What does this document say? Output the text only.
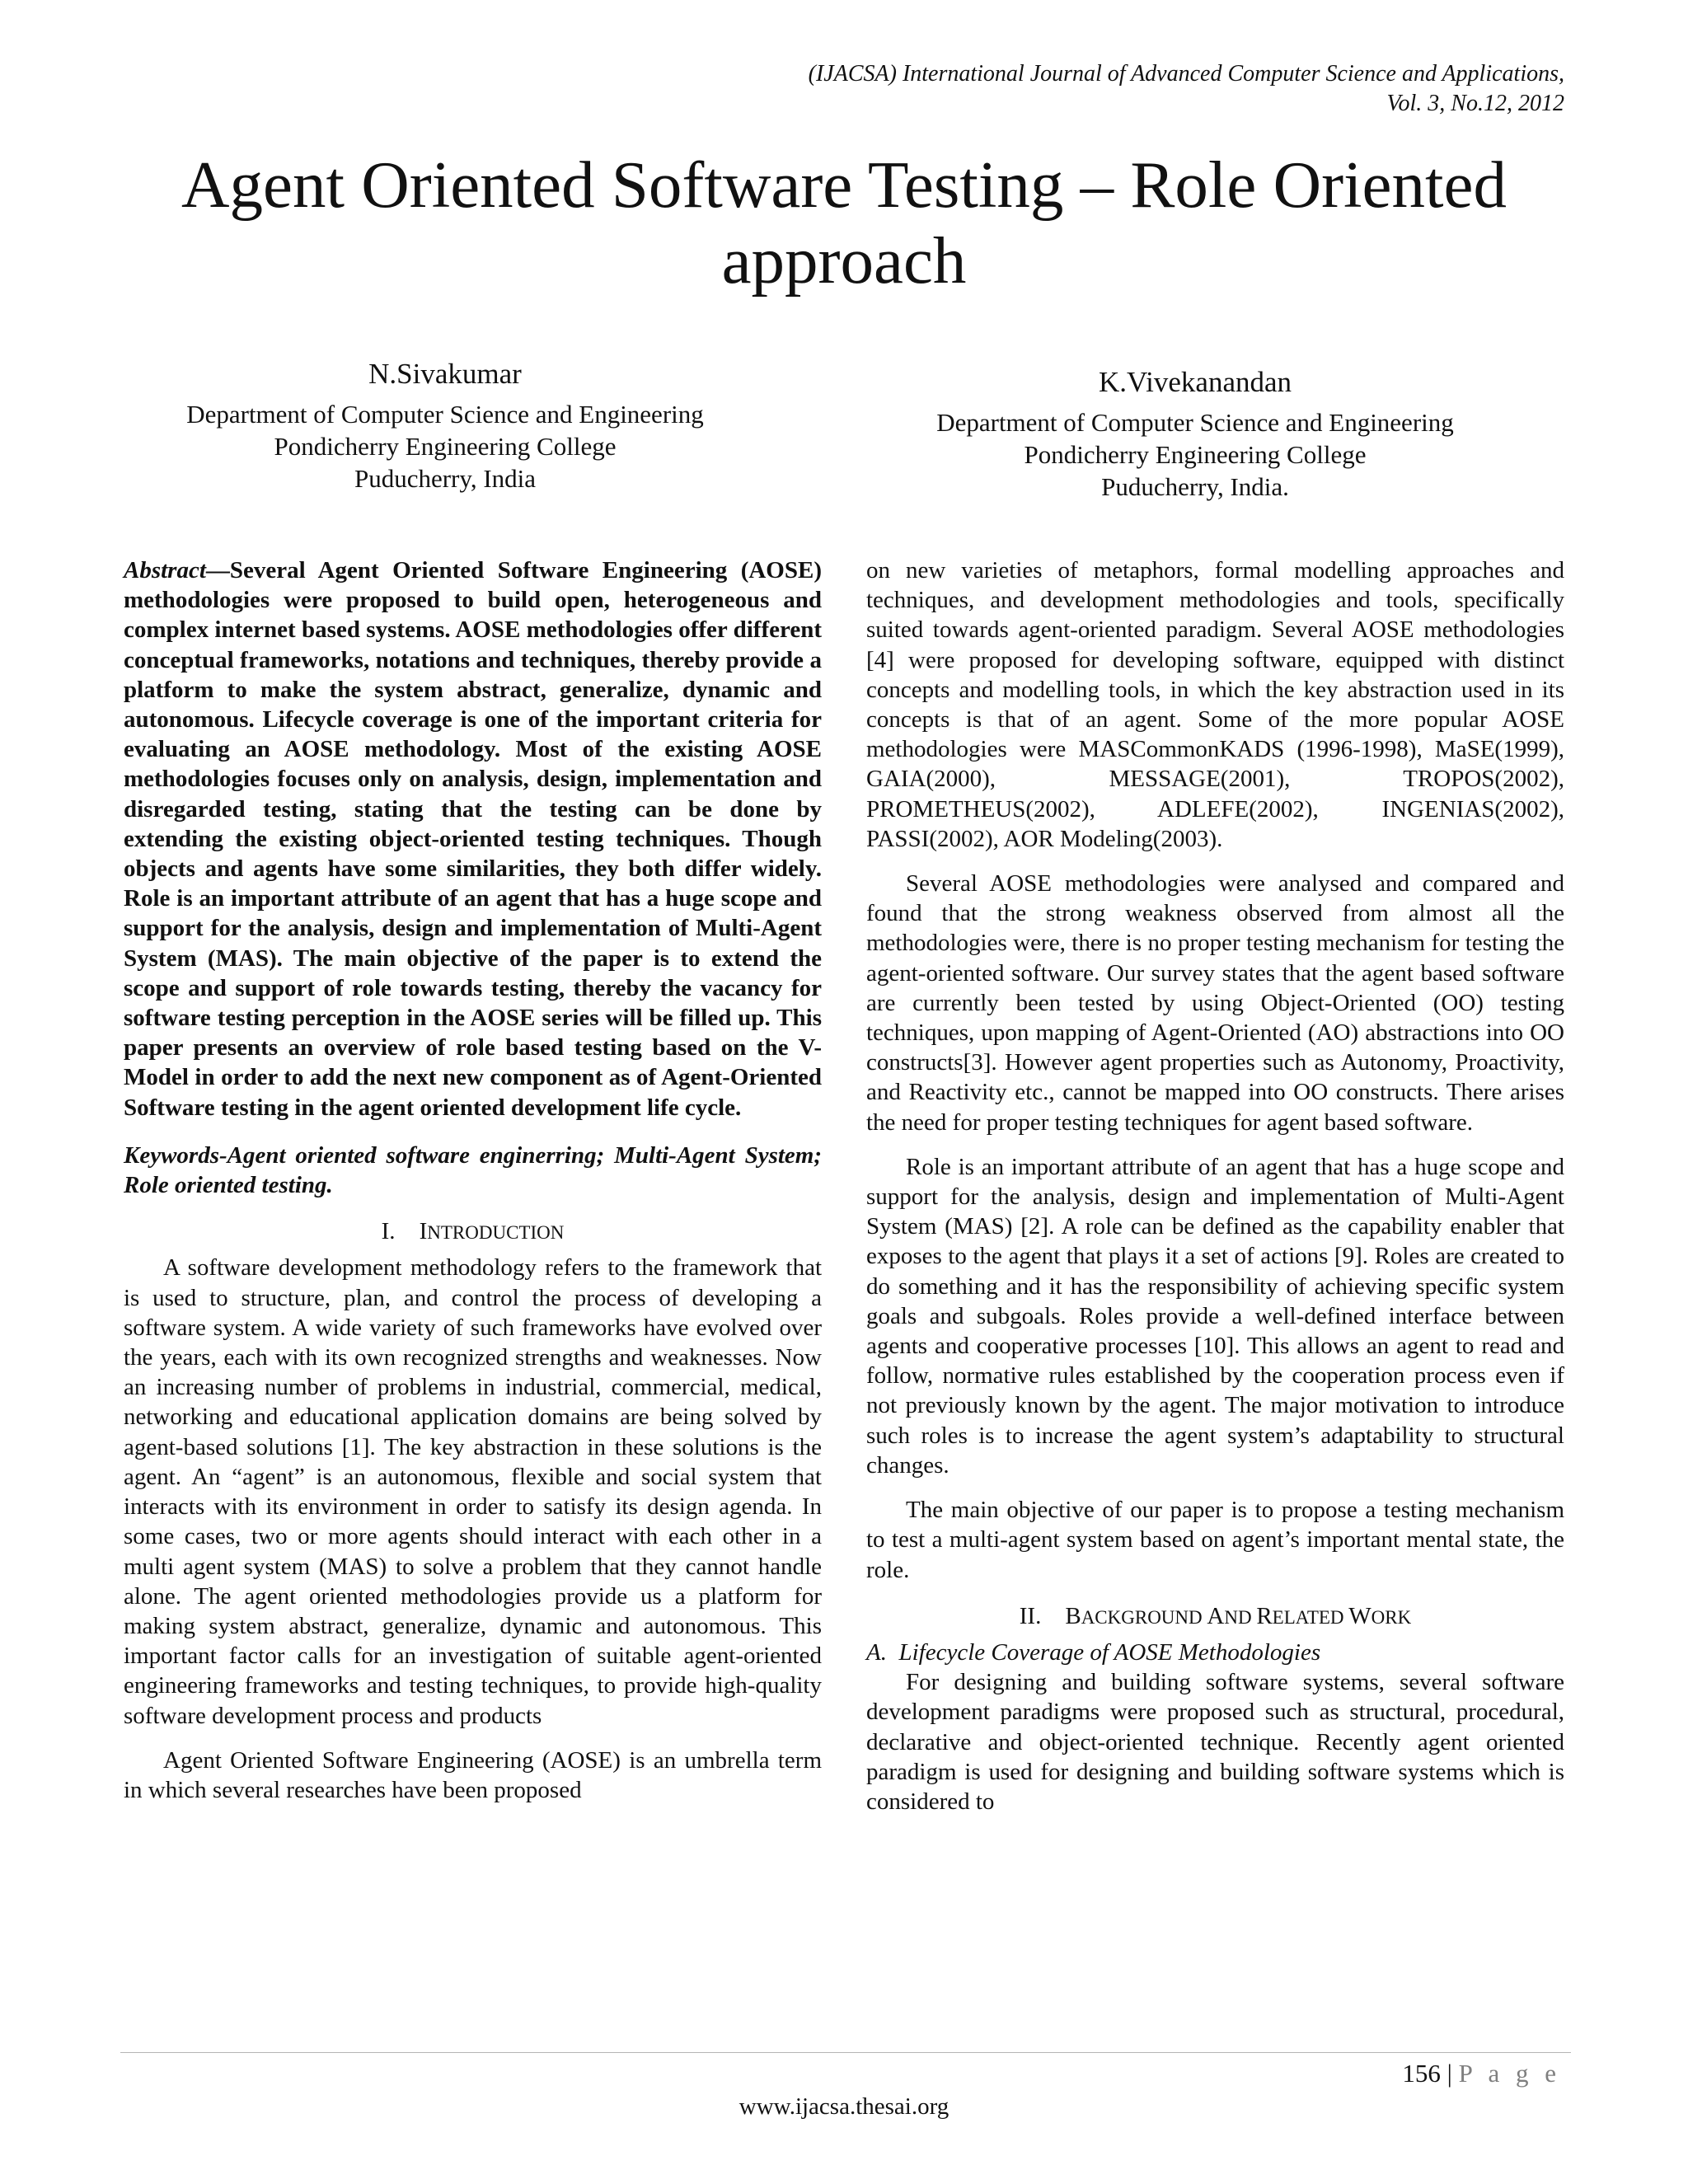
(IJACSA) International Journal of Advanced Computer Science and Applications,
Vol. 3, No.12, 2012
Agent Oriented Software Testing – Role Oriented
approach
N.Sivakumar
Department of Computer Science and Engineering
Pondicherry Engineering College
Puducherry, India
K.Vivekanandan
Department of Computer Science and Engineering
Pondicherry Engineering College
Puducherry, India.

Abstract—Several Agent Oriented Software Engineering (AOSE) methodologies were proposed to build open, heterogeneous and complex internet based systems. AOSE methodologies offer different conceptual frameworks, notations and techniques, thereby provide a platform to make the system abstract, generalize, dynamic and autonomous. Lifecycle coverage is one of the important criteria for evaluating an AOSE methodology. Most of the existing AOSE methodologies focuses only on analysis, design, implementation and disregarded testing, stating that the testing can be done by extending the existing object-oriented testing techniques. Though objects and agents have some similarities, they both differ widely. Role is an important attribute of an agent that has a huge scope and support for the analysis, design and implementation of Multi-Agent System (MAS). The main objective of the paper is to extend the scope and support of role towards testing, thereby the vacancy for software testing perception in the AOSE series will be filled up. This paper presents an overview of role based testing based on the V-Model in order to add the next new component as of Agent-Oriented Software testing in the agent oriented development life cycle.

Keywords-Agent oriented software enginerring; Multi-Agent System; Role oriented testing.

I. INTRODUCTION

A software development methodology refers to the framework that is used to structure, plan, and control the process of developing a software system. A wide variety of such frameworks have evolved over the years, each with its own recognized strengths and weaknesses. Now an increasing number of problems in industrial, commercial, medical, networking and educational application domains are being solved by agent-based solutions [1]. The key abstraction in these solutions is the agent. An “agent” is an autonomous, flexible and social system that interacts with its environment in order to satisfy its design agenda. In some cases, two or more agents should interact with each other in a multi agent system (MAS) to solve a problem that they cannot handle alone. The agent oriented methodologies provide us a platform for making system abstract, generalize, dynamic and autonomous. This important factor calls for an investigation of suitable agent-oriented engineering frameworks and testing techniques, to provide high-quality software development process and products

Agent Oriented Software Engineering (AOSE) is an umbrella term in which several researches have been proposed

on new varieties of metaphors, formal modelling approaches and techniques, and development methodologies and tools, specifically suited towards agent-oriented paradigm. Several AOSE methodologies [4] were proposed for developing software, equipped with distinct concepts and modelling tools, in which the key abstraction used in its concepts is that of an agent. Some of the more popular AOSE methodologies were MASCommonKADS (1996-1998), MaSE(1999), GAIA(2000), MESSAGE(2001), TROPOS(2002), PROMETHEUS(2002), ADLEFE(2002), INGENIAS(2002), PASSI(2002), AOR Modeling(2003).

Several AOSE methodologies were analysed and compared and found that the strong weakness observed from almost all the methodologies were, there is no proper testing mechanism for testing the agent-oriented software. Our survey states that the agent based software are currently been tested by using Object-Oriented (OO) testing techniques, upon mapping of Agent-Oriented (AO) abstractions into OO constructs[3]. However agent properties such as Autonomy, Proactivity, and Reactivity etc., cannot be mapped into OO constructs. There arises the need for proper testing techniques for agent based software.

Role is an important attribute of an agent that has a huge scope and support for the analysis, design and implementation of Multi-Agent System (MAS) [2]. A role can be defined as the capability enabler that exposes to the agent that plays it a set of actions [9]. Roles are created to do something and it has the responsibility of achieving specific system goals and subgoals. Roles provide a well-defined interface between agents and cooperative processes [10]. This allows an agent to read and follow, normative rules established by the cooperation process even if not previously known by the agent. The major motivation to introduce such roles is to increase the agent system’s adaptability to structural changes.

The main objective of our paper is to propose a testing mechanism to test a multi-agent system based on agent’s important mental state, the role.

II. BACKGROUND AND RELATED WORK

A. Lifecycle Coverage of AOSE Methodologies

For designing and building software systems, several software development paradigms were proposed such as structural, procedural, declarative and object-oriented technique. Recently agent oriented paradigm is used for designing and building software systems which is considered to

156 | P a g e
www.ijacsa.thesai.org
